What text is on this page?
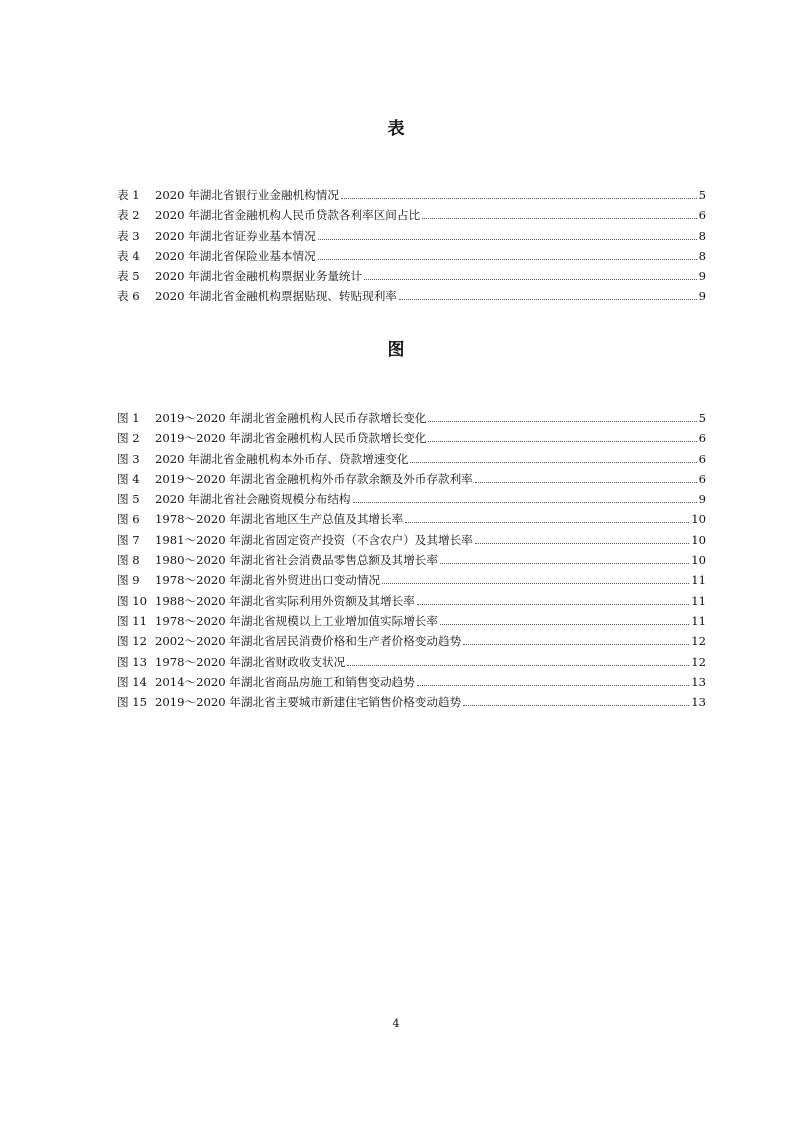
表
表 1	2020 年湖北省银行业金融机构情况	5
表 2	2020 年湖北省金融机构人民币贷款各利率区间占比	6
表 3	2020 年湖北省证券业基本情况	8
表 4	2020 年湖北省保险业基本情况	8
表 5	2020 年湖北省金融机构票据业务量统计	9
表 6	2020 年湖北省金融机构票据贴现、转贴现利率	9
图
图 1	2019～2020 年湖北省金融机构人民币存款增长变化	5
图 2	2019～2020 年湖北省金融机构人民币贷款增长变化	6
图 3	2020 年湖北省金融机构本外币存、贷款增速变化	6
图 4	2019～2020 年湖北省金融机构外币存款余额及外币存款利率	6
图 5	2020 年湖北省社会融资规模分布结构	9
图 6	1978～2020 年湖北省地区生产总值及其增长率	10
图 7	1981～2020 年湖北省固定资产投资（不含农户）及其增长率	10
图 8	1980～2020 年湖北省社会消费品零售总额及其增长率	10
图 9	1978～2020 年湖北省外贸进出口变动情况	11
图 10 1988～2020 年湖北省实际利用外资额及其增长率	11
图 11 1978～2020 年湖北省规模以上工业增加值实际增长率	11
图 12 2002～2020 年湖北省居民消费价格和生产者价格变动趋势	12
图 13 1978～2020 年湖北省财政收支状况	12
图 14 2014～2020 年湖北省商品房施工和销售变动趋势	13
图 15 2019～2020 年湖北省主要城市新建住宅销售价格变动趋势	13
4
